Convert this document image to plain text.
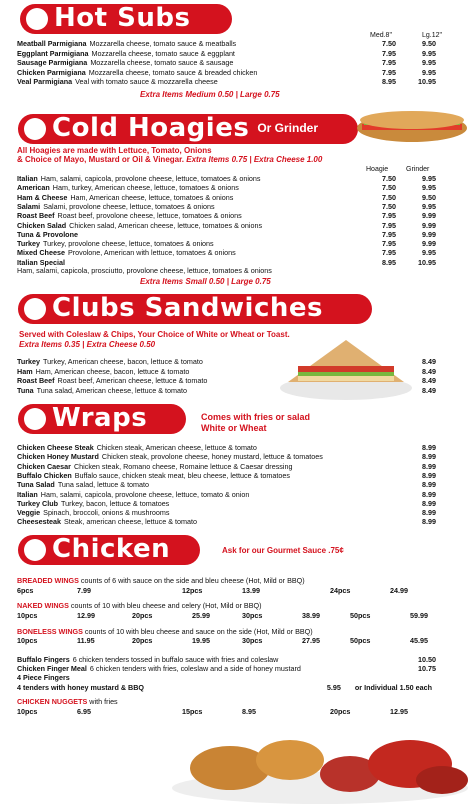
Hot Subs
Med.8"	Lg.12"
Meatball Parmigiana Mozzarella cheese, tomato sauce & meatballs	7.50	9.50
Eggplant Parmigiana Mozzarella cheese, tomato sauce & eggplant	7.95	9.95
Sausage Parmigiana Mozzarella cheese, tomato sauce & sausage	7.95	9.95
Chicken Parmigiana Mozzarella cheese, tomato sauce & breaded chicken	7.95	9.95
Veal Parmigiana Veal with tomato sauce & mozzarella cheese	8.95	10.95
Extra Items Medium 0.50 | Large 0.75
Cold Hoagies Or Grinder
All Hoagies are made with Lettuce, Tomato, Onions
& Choice of Mayo, Mustard or Oil & Vinegar. Extra Items 0.75 | Extra Cheese 1.00
Hoagie	Grinder
Italian Ham, salami, capicola, provolone cheese, lettuce, tomatoes & onions	7.50	9.95
American Ham, turkey, American cheese, lettuce, tomatoes & onions	7.50	9.95
Ham & Cheese Ham, American cheese, lettuce, tomatoes & onions	7.50	9.50
Salami Salami, provolone cheese, lettuce, tomatoes & onions	7.50	9.95
Roast Beef Roast beef, provolone cheese, lettuce, tomatoes & onions	7.95	9.99
Chicken Salad Chicken salad, American cheese, lettuce, tomatoes & onions	7.95	9.99
Tuna & Provolone	7.95	9.99
Turkey Turkey, provolone cheese, lettuce, tomatoes & onions	7.95	9.99
Mixed Cheese Provolone, American with lettuce, tomatoes & onions	7.95	9.95
Italian Special	8.95	10.95
Ham, salami, capicola, prosciutto, provolone cheese, lettuce, tomatoes & onions
Extra Items Small 0.50 | Large 0.75
Clubs Sandwiches
Served with Coleslaw & Chips, Your Choice of White or Wheat or Toast.
Extra Items 0.35 | Extra Cheese 0.50
Turkey Turkey, American cheese, bacon, lettuce & tomato	8.49
Ham Ham, American cheese, bacon, lettuce & tomato	8.49
Roast Beef Roast beef, American cheese, lettuce & tomato	8.49
Tuna Tuna salad, American cheese, lettuce & tomato	8.49
Wraps	Comes with fries or salad
White or Wheat
Chicken Cheese Steak Chicken steak, American cheese, lettuce & tomato	8.99
Chicken Honey Mustard Chicken steak, provolone cheese, honey mustard, lettuce & tomatoes	8.99
Chicken Caesar Chicken steak, Romano cheese, Romaine lettuce & Caesar dressing	8.99
Buffalo Chicken Buffalo sauce, chicken steak meat, bleu cheese, lettuce & tomatoes	8.99
Tuna Salad Tuna salad, lettuce & tomato	8.99
Italian Ham, salami, capicola, provolone cheese, lettuce, tomato & onion	8.99
Turkey Club Turkey, bacon, lettuce & tomatoes	8.99
Veggie Spinach, broccoli, onions & mushrooms	8.99
Cheesesteak Steak, american cheese, lettuce & tomato	8.99
Chicken	Ask for our Gourmet Sauce .75¢
BREADED WINGS counts of 6 with sauce on the side and bleu cheese (Hot, Mild or BBQ)
6pcs	7.99	12pcs	13.99	24pcs	24.99
NAKED WINGS counts of 10 with bleu cheese and celery (Hot, Mild or BBQ)
10pcs	12.99	20pcs	25.99	30pcs	38.99	50pcs	59.99
BONELESS WINGS counts of 10 with bleu cheese and sauce on the side (Hot, Mild or BBQ)
10pcs	11.95	20pcs	19.95	30pcs	27.95	50pcs	45.95
Buffalo Fingers 6 chicken tenders tossed in buffalo sauce with fries and coleslaw	10.50
Chicken Finger Meal 6 chicken tenders with fries, coleslaw and a side of honey mustard	10.75
4 Piece Fingers
4 tenders with honey mustard & BBQ	5.95 or Individual 1.50 each
CHICKEN NUGGETS with fries
10pcs	6.95	15pcs	8.95	20pcs	12.95
